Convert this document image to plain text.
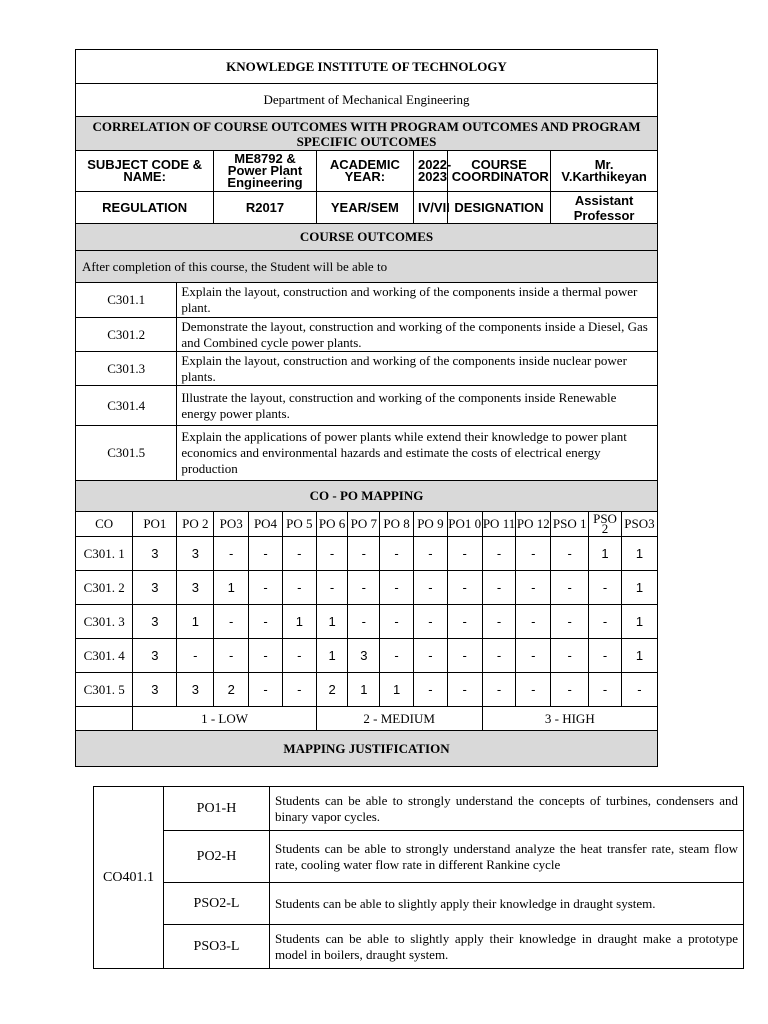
KNOWLEDGE INSTITUTE OF TECHNOLOGY															
Department of Mechanical Engineering															
CORRELATION OF COURSE OUTCOMES WITH PROGRAM OUTCOMES AND PROGRAM SPECIFIC OUTCOMES															
SUBJECT CODE & NAME:			ME8792 & Power Plant Engineering			ACADEMIC YEAR:			2022-2023	COURSE COORDINATOR			Mr. V.Karthikeyan		
REGULATION			R2017			YEAR/SEM			IV/VII	DESIGNATION			Assistant Professor		
COURSE OUTCOMES															
After completion of this course, the Student will be able to															
C301.1		Explain the layout, construction and working of the components inside a thermal power plant.													
C301.2		Demonstrate the layout, construction and working of the components inside a Diesel, Gas and Combined cycle power plants.													
C301.3		Explain the layout, construction and working of the components inside nuclear power plants.													
C301.4		Illustrate the layout, construction and working of the components inside Renewable energy power plants.													
C301.5		Explain the applications of power plants while extend their knowledge to power plant economics and environmental hazards and estimate the costs of electrical energy production													
CO - PO MAPPING															
CO	PO1	PO 2	PO3	PO4	PO 5	PO 6	PO 7	PO 8	PO 9	PO1 0	PO 11	PO 12	PSO 1	PSO 2	PSO3
C301. 1	3	3	-	-	-	-	-	-	-	-	-	-	-	1	1
C301. 2	3	3	1	-	-	-	-	-	-	-	-	-	-	-	1
C301. 3	3	1	-	-	1	1	-	-	-	-	-	-	-	-	1
C301. 4	3	-	-	-	-	1	3	-	-	-	-	-	-	-	1
C301. 5	3	3	2	-	-	2	1	1	-	-	-	-	-	-	-
	1 - LOW					2 - MEDIUM					3 - HIGH				
MAPPING JUSTIFICATION															
CO401.1	PO1-H	Students can be able to strongly understand the concepts of turbines, condensers and binary vapor cycles.
	PO2-H	Students can be able to strongly understand analyze the heat transfer rate, steam flow rate, cooling water flow rate in different Rankine cycle
	PSO2-L	Students can be able to slightly apply their knowledge in draught system.
	PSO3-L	Students can be able to slightly apply their knowledge in draught make a prototype model in boilers, draught system.
